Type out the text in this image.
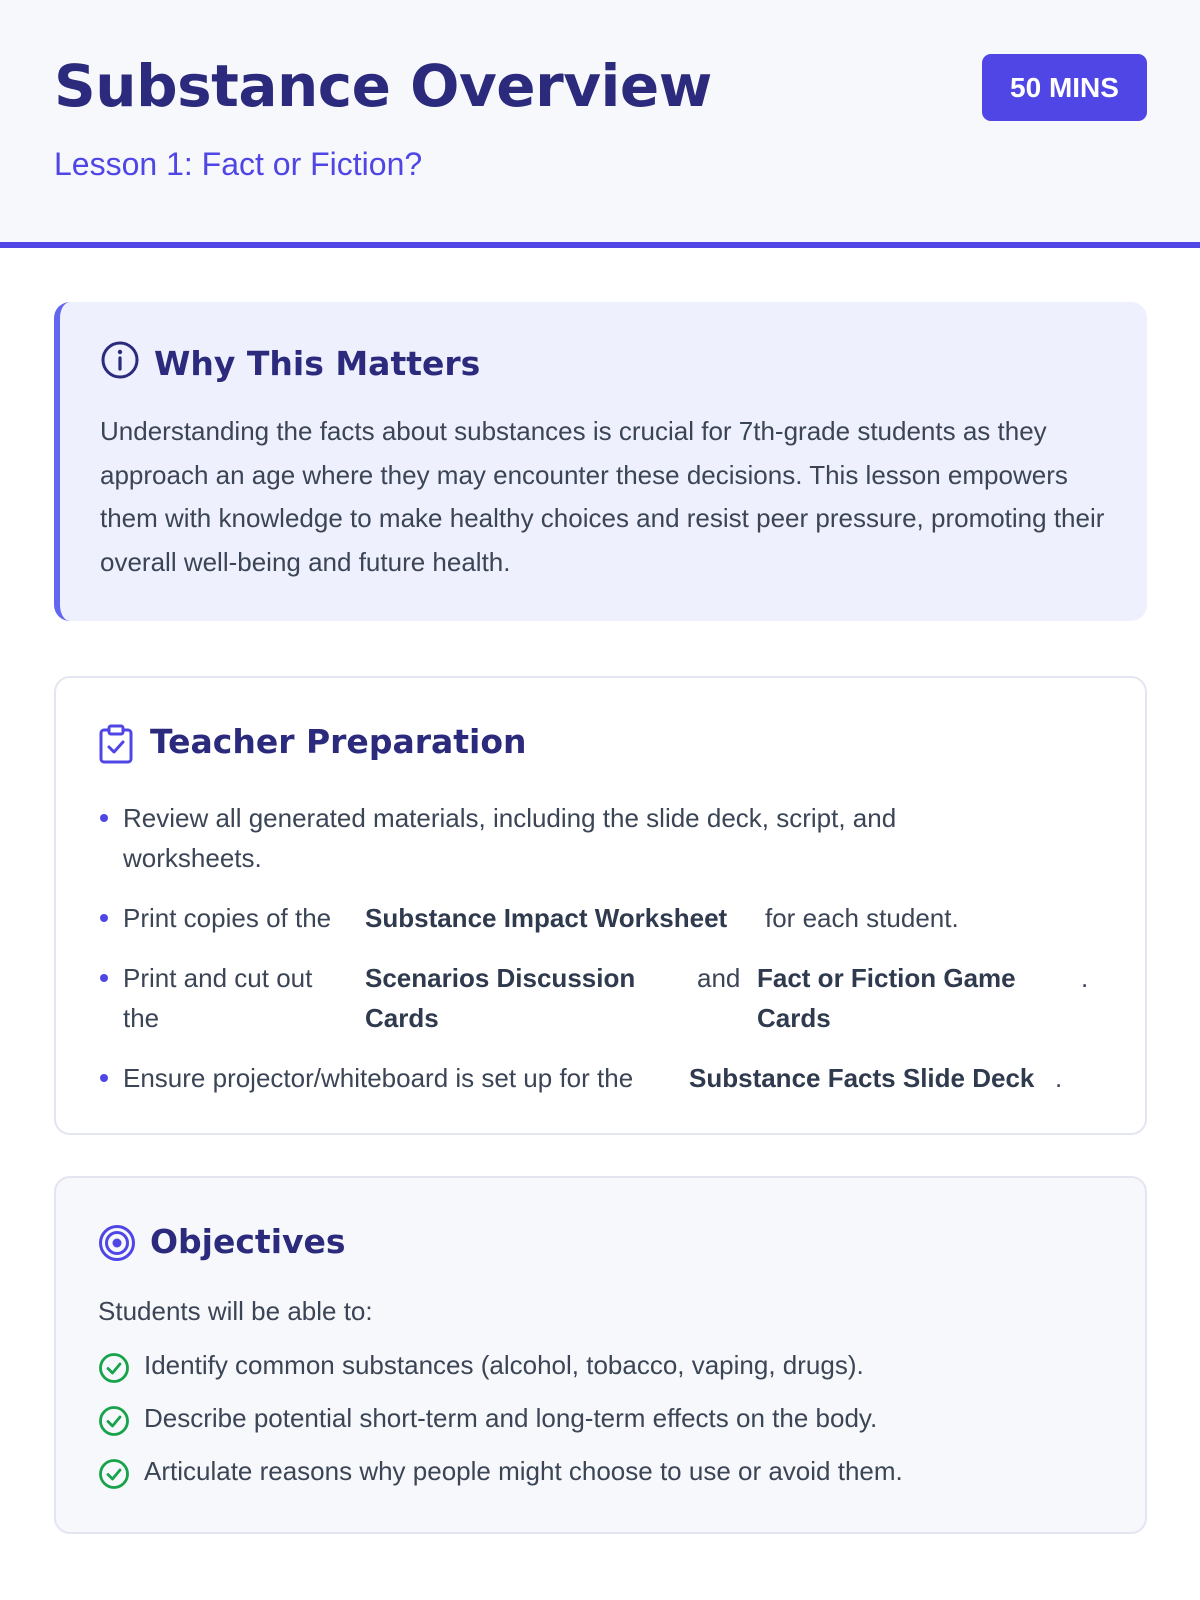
Substance Overview
Lesson 1: Fact or Fiction?
50 MINS
Why This Matters
Understanding the facts about substances is crucial for 7th-grade students as they approach an age where they may encounter these decisions. This lesson empowers them with knowledge to make healthy choices and resist peer pressure, promoting their overall well-being and future health.
Teacher Preparation
Review all generated materials, including the slide deck, script, and worksheets.
Print copies of the Substance Impact Worksheet for each student.
Print and cut out the
Scenarios Discussion Cards
and Fact or Fiction Game Cards
.
Ensure projector/whiteboard is set up for the Substance Facts Slide Deck .
Objectives
Students will be able to:
Identify common substances (alcohol, tobacco, vaping, drugs).
Describe potential short-term and long-term effects on the body.
Articulate reasons why people might choose to use or avoid them.
